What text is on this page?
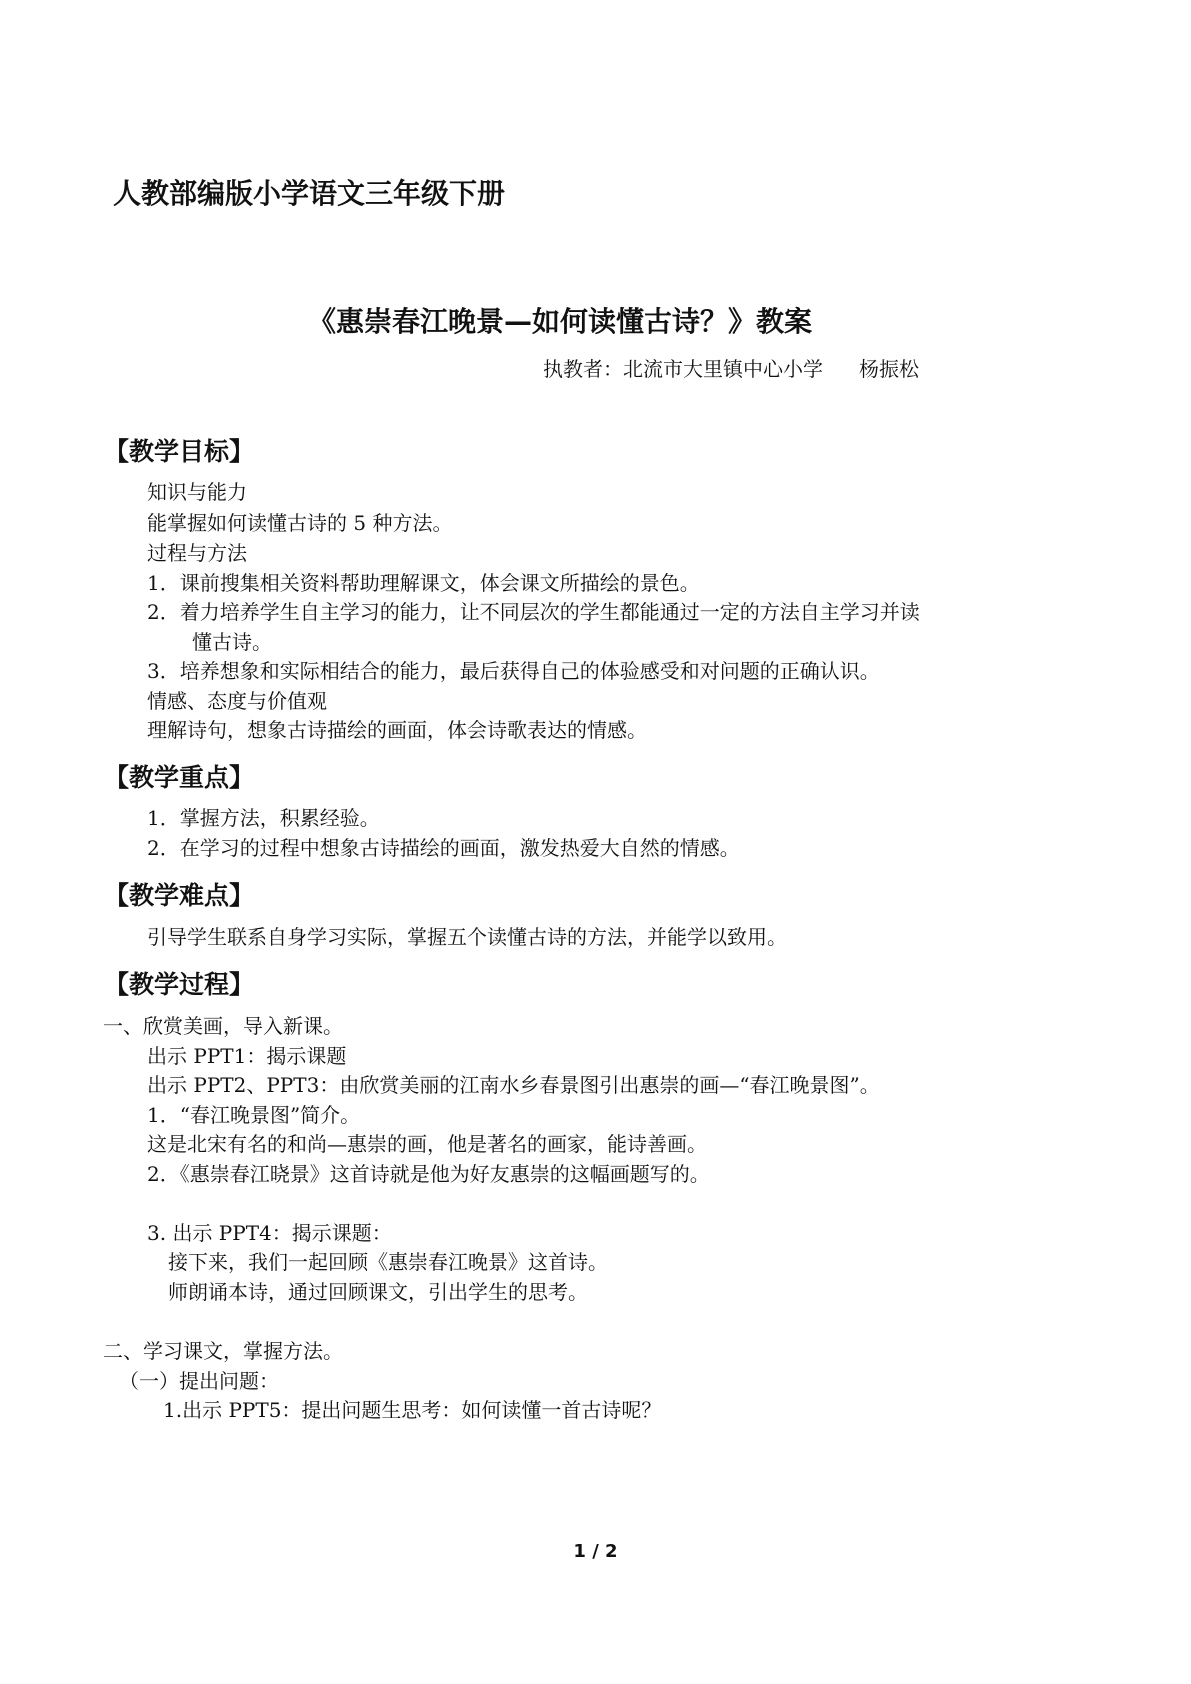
人教部编版小学语文三年级下册
《惠崇春江晚景—如何读懂古诗？》教案
执教者：北流市大里镇中心小学 杨振松
【教学目标】
知识与能力
能掌握如何读懂古诗的 5 种方法。
过程与方法
1．课前搜集相关资料帮助理解课文，体会课文所描绘的景色。
2．着力培养学生自主学习的能力，让不同层次的学生都能通过一定的方法自主学习并读
懂古诗。
3．培养想象和实际相结合的能力，最后获得自己的体验感受和对问题的正确认识。
情感、态度与价值观
理解诗句，想象古诗描绘的画面，体会诗歌表达的情感。
【教学重点】
1．掌握方法，积累经验。
2．在学习的过程中想象古诗描绘的画面，激发热爱大自然的情感。
【教学难点】
引导学生联系自身学习实际，掌握五个读懂古诗的方法，并能学以致用。
【教学过程】
一、欣赏美画，导入新课。
出示 PPT1：揭示课题
出示 PPT2、PPT3：由欣赏美丽的江南水乡春景图引出惠崇的画—“春江晚景图”。
1．“春江晚景图”简介。
这是北宋有名的和尚—惠崇的画，他是著名的画家，能诗善画。
2．《惠崇春江晓景》这首诗就是他为好友惠崇的这幅画题写的。
3. 出示 PPT4：揭示课题：
接下来，我们一起回顾《惠崇春江晚景》这首诗。
师朗诵本诗，通过回顾课文，引出学生的思考。
二、学习课文，掌握方法。
（一）提出问题：
1.出示 PPT5：提出问题生思考：如何读懂一首古诗呢？
1 / 2
